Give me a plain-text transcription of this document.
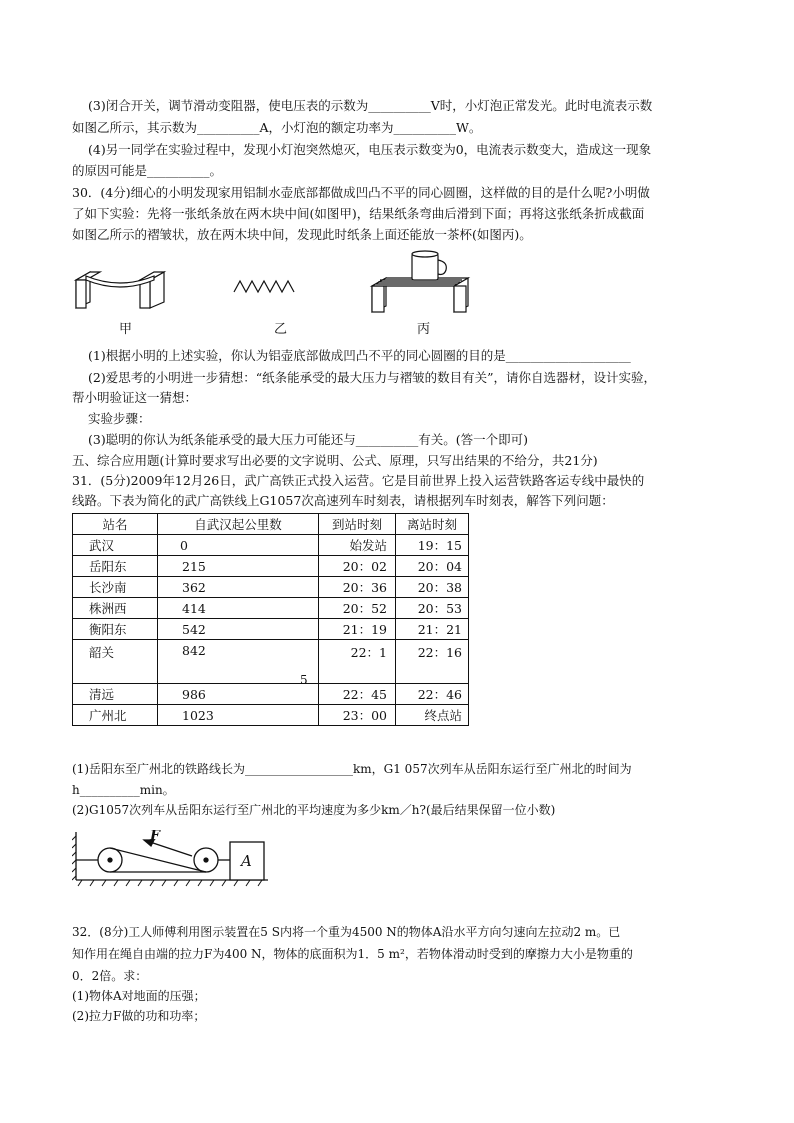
(3)闭合开关，调节滑动变阻器，使电压表的示数为__________V时，小灯泡正常发光。此时电流表示数
如图乙所示，其示数为__________A，小灯泡的额定功率为__________W。
(4)另一同学在实验过程中，发现小灯泡突然熄灭，电压表示数变为0，电流表示数变大，造成这一现象
的原因可能是__________。
30．(4分)细心的小明发现家用铝制水壶底部都做成凹凸不平的同心圆圈，这样做的目的是什么呢?小明做
了如下实验：先将一张纸条放在两木块中间(如图甲)，结果纸条弯曲后滑到下面；再将这张纸条折成截面
如图乙所示的褶皱状，放在两木块中间，发现此时纸条上面还能放一茶杯(如图丙)。
甲	乙	丙
(1)根据小明的上述实验，你认为铝壶底部做成凹凸不平的同心圆圈的目的是____________________
(2)爱思考的小明进一步猜想：“纸条能承受的最大压力与褶皱的数目有关”，请你自选器材，设计实验，
帮小明验证这一猜想：
实验步骤：
(3)聪明的你认为纸条能承受的最大压力可能还与__________有关。(答一个即可)
五、综合应用题(计算时要求写出必要的文字说明、公式、原理，只写出结果的不给分，共21分)
31．(5分)2009年12月26日，武广高铁正式投入运营。它是目前世界上投入运营铁路客运专线中最快的
线路。下表为简化的武广高铁线上G1057次高速列车时刻表，请根据列车时刻表，解答下列问题：
站名	自武汉起公里数	到站时刻	离站时刻
武汉	0	始发站	19：15
岳阳东	215	20：02	20：04
长沙南	362	20：36	20：38
株洲西	414	20：52	20：53
衡阳东	542	21：19	21：21
韶关	842	22：1	22：16
清远	986	22：45	22：46
广州北	1023	23：00	终点站
5
(1)岳阳东至广州北的铁路线长为__________________km，G1 057次列车从岳阳东运行至广州北的时间为
h__________min。
(2)G1057次列车从岳阳东运行至广州北的平均速度为多少km／h?(最后结果保留一位小数)
F
A
32．(8分)工人师傅利用图示装置在5 S内将一个重为4500 N的物体A沿水平方向匀速向左拉动2 m。已
知作用在绳自由端的拉力F为400 N，物体的底面积为1．5 m²，若物体滑动时受到的摩擦力大小是物重的
0．2倍。求：
(1)物体A对地面的压强；
(2)拉力F做的功和功率；
